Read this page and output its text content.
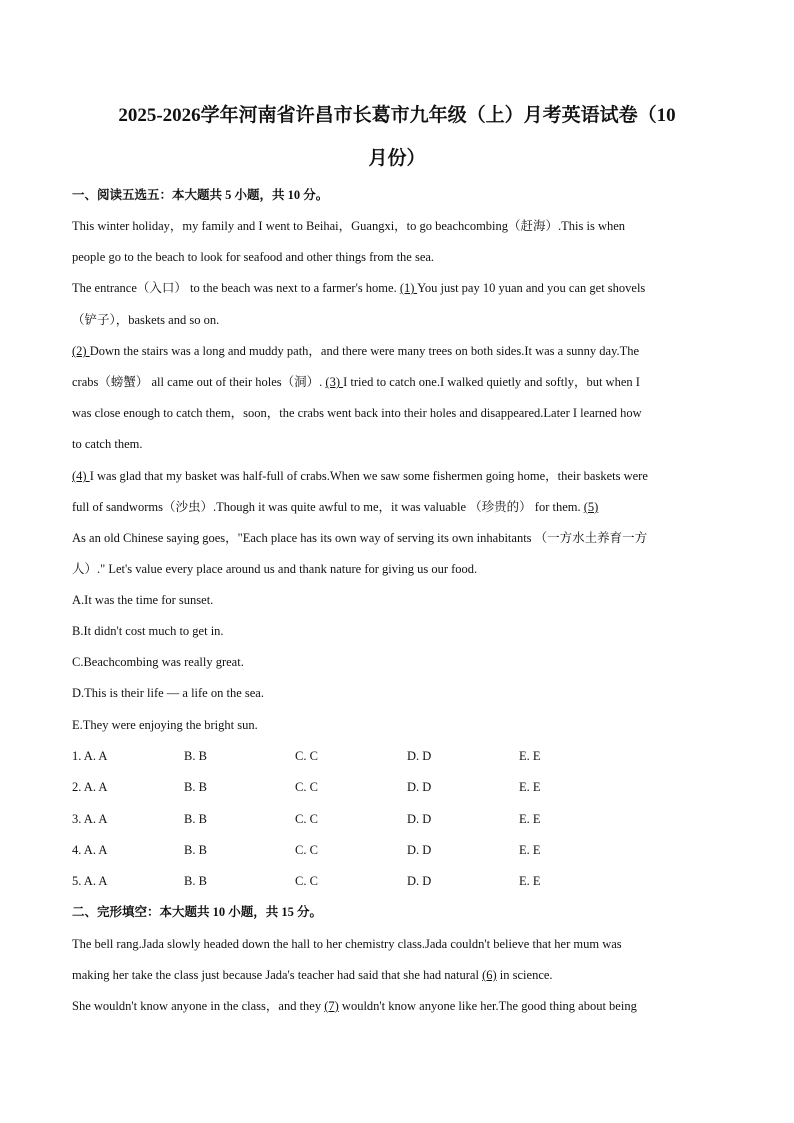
2025-2026学年河南省许昌市长葛市九年级（上）月考英语试卷（10
月份）
一、阅读五选五：本大题共 5 小题，共 10 分。
This winter holiday，my family and I went to Beihai，Guangxi，to go beachcombing（赶海）.This is when
people go to the beach to look for seafood and other things from the sea.
The entrance（入口） to the beach was next to a farmer's home. (1) You just pay 10 yuan and you can get shovels
（铲子），baskets and so on.
(2) Down the stairs was a long and muddy path，and there were many trees on both sides.It was a sunny day.The
crabs（螃蟹） all came out of their holes（洞）. (3) I tried to catch one.I walked quietly and softly，but when I
was close enough to catch them，soon，the crabs went back into their holes and disappeared.Later I learned how
to catch them.
(4) I was glad that my basket was half-full of crabs.When we saw some fishermen going home，their baskets were
full of sandworms（沙虫）.Though it was quite awful to me，it was valuable （珍贵的） for them. (5)
As an old Chinese saying goes，"Each place has its own way of serving its own inhabitants （一方水土养育一方
人）." Let's value every place around us and thank nature for giving us our food.
A.It was the time for sunset.
B.It didn't cost much to get in.
C.Beachcombing was really great.
D.This is their life — a life on the sea.
E.They were enjoying the bright sun.
1. A. A	B. B	C. C	D. D	E. E
2. A. A	B. B	C. C	D. D	E. E
3. A. A	B. B	C. C	D. D	E. E
4. A. A	B. B	C. C	D. D	E. E
5. A. A	B. B	C. C	D. D	E. E
二、完形填空：本大题共 10 小题，共 15 分。
The bell rang.Jada slowly headed down the hall to her chemistry class.Jada couldn't believe that her mum was
making her take the class just because Jada's teacher had said that she had natural (6) in science.
She wouldn't know anyone in the class，and they (7) wouldn't know anyone like her.The good thing about being
